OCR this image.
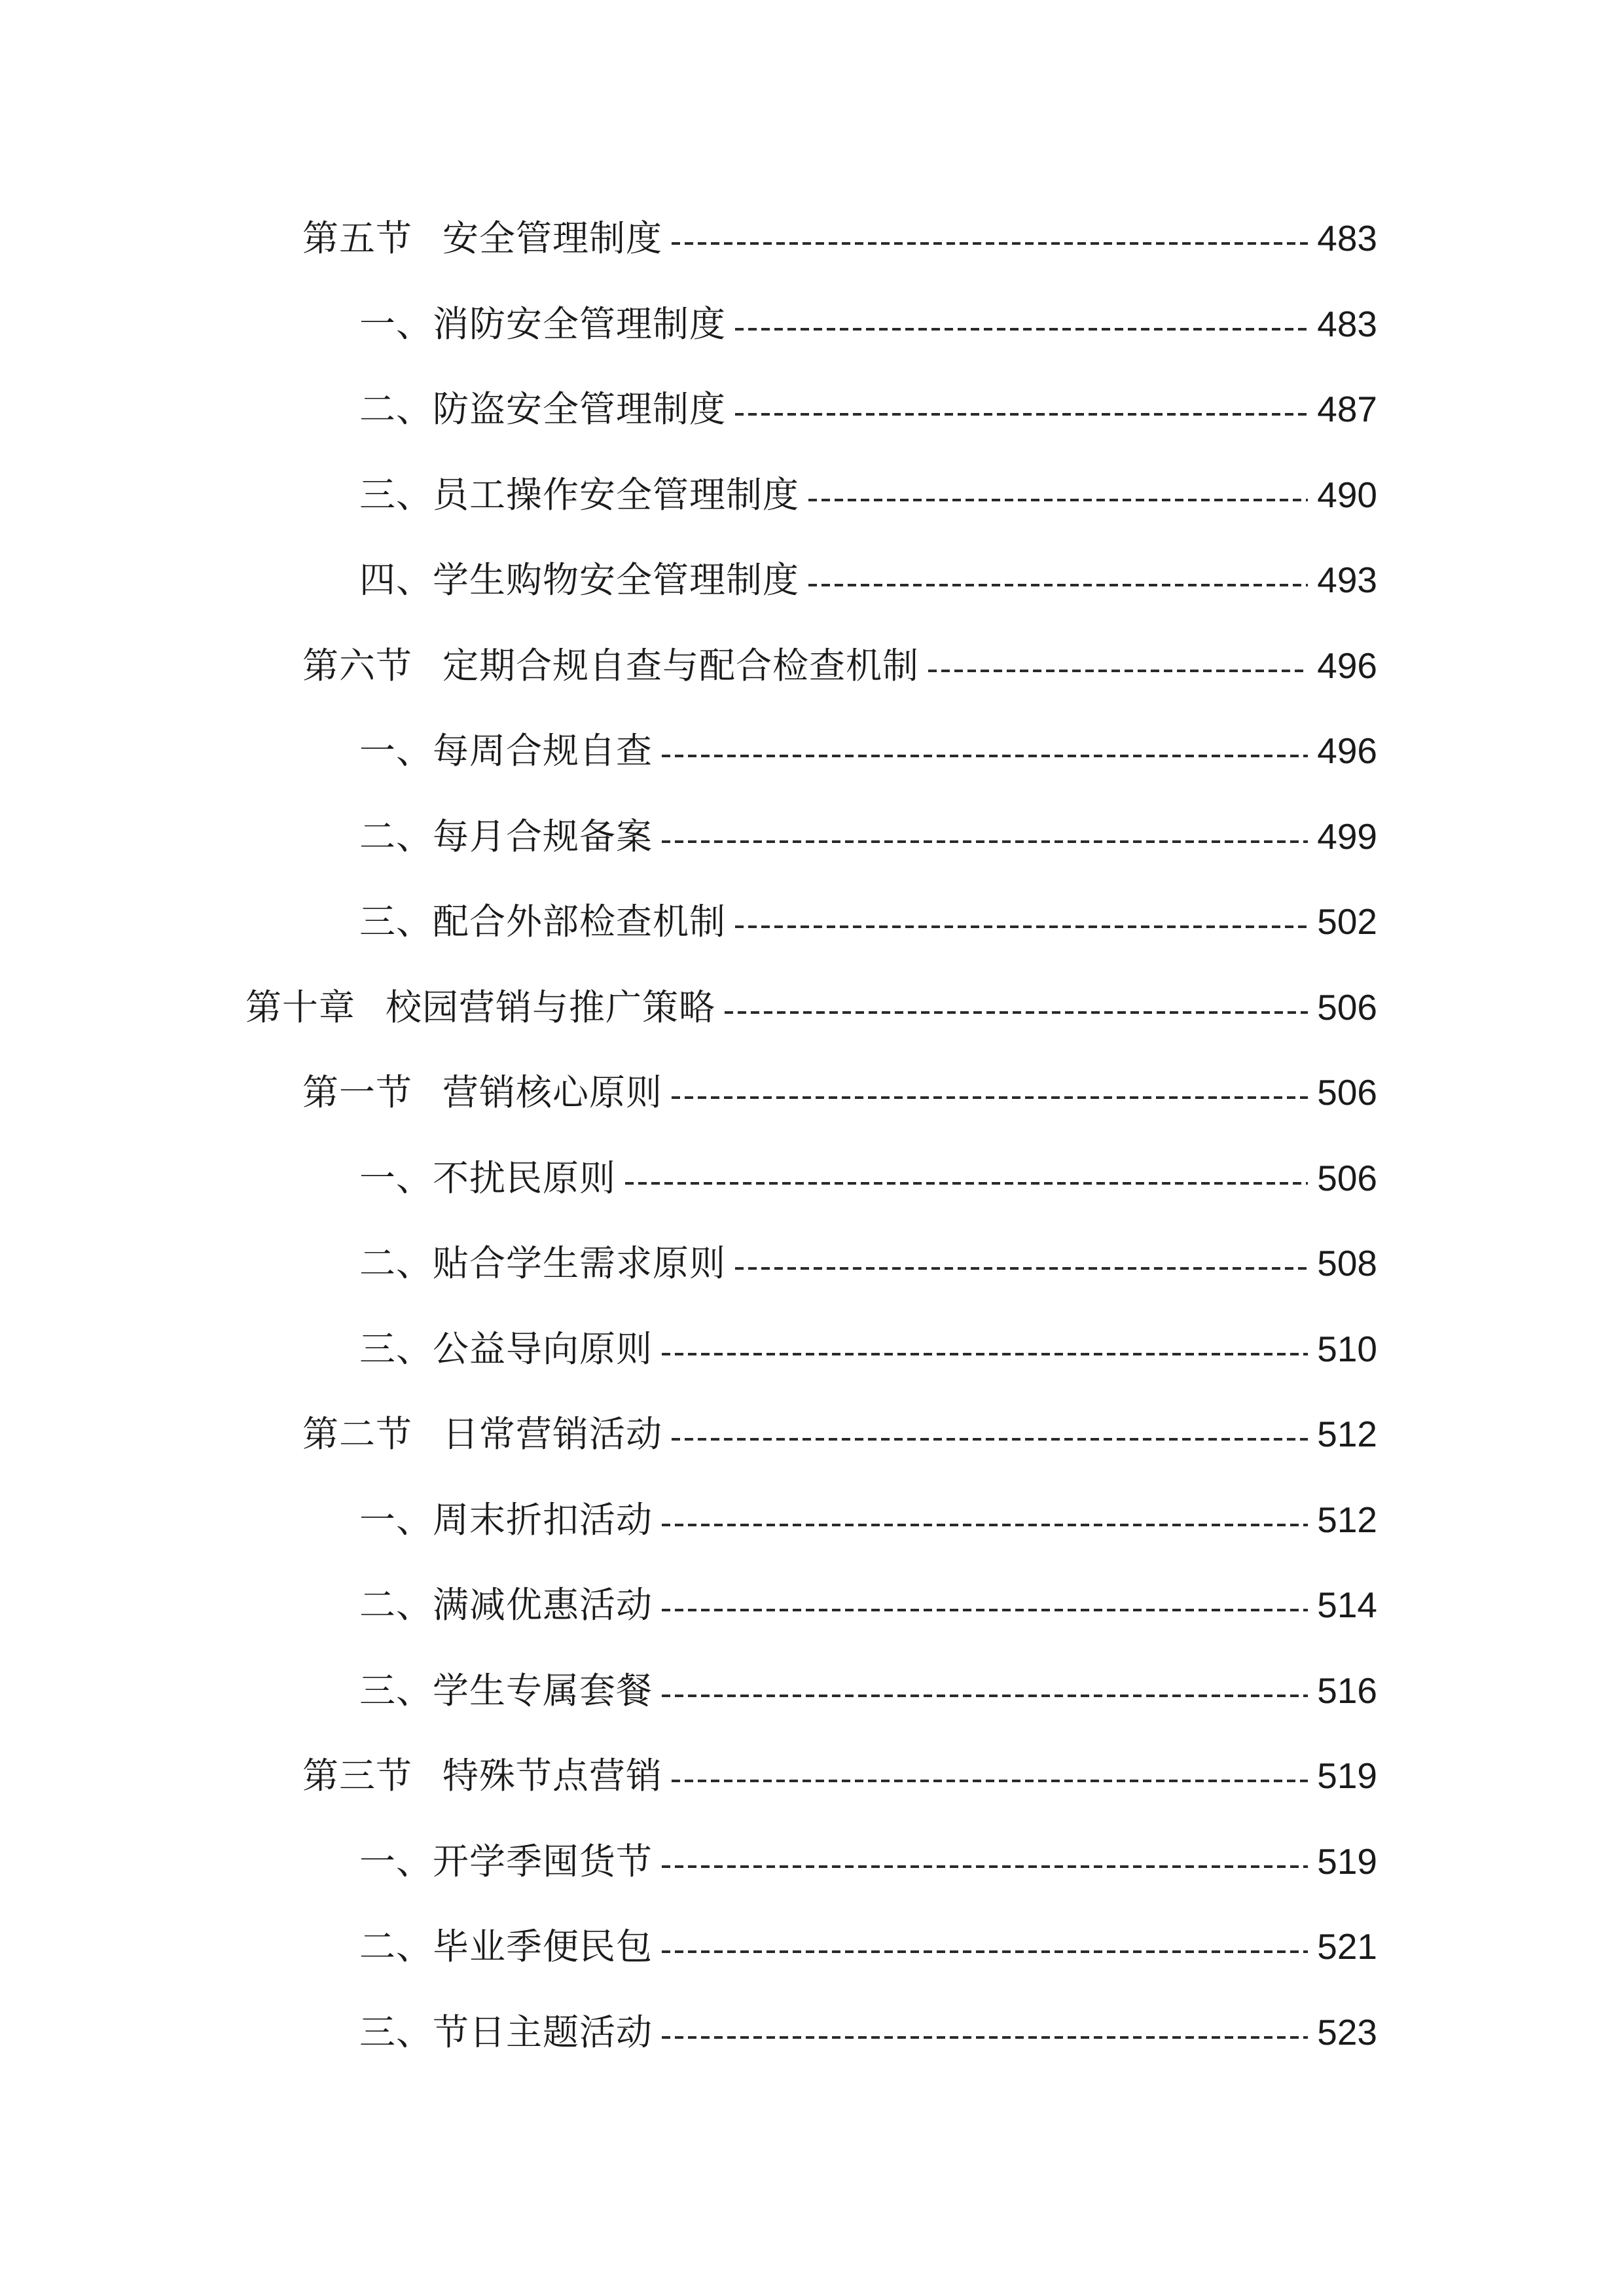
第五节 安全管理制度	483
一、消防安全管理制度	483
二、防盗安全管理制度	487
三、员工操作安全管理制度	490
四、学生购物安全管理制度	493
第六节 定期合规自查与配合检查机制	496
一、每周合规自查	496
二、每月合规备案	499
三、配合外部检查机制	502
第十章 校园营销与推广策略	506
第一节 营销核心原则	506
一、不扰民原则	506
二、贴合学生需求原则	508
三、公益导向原则	510
第二节 日常营销活动	512
一、周末折扣活动	512
二、满减优惠活动	514
三、学生专属套餐	516
第三节 特殊节点营销	519
一、开学季囤货节	519
二、毕业季便民包	521
三、节日主题活动	523
